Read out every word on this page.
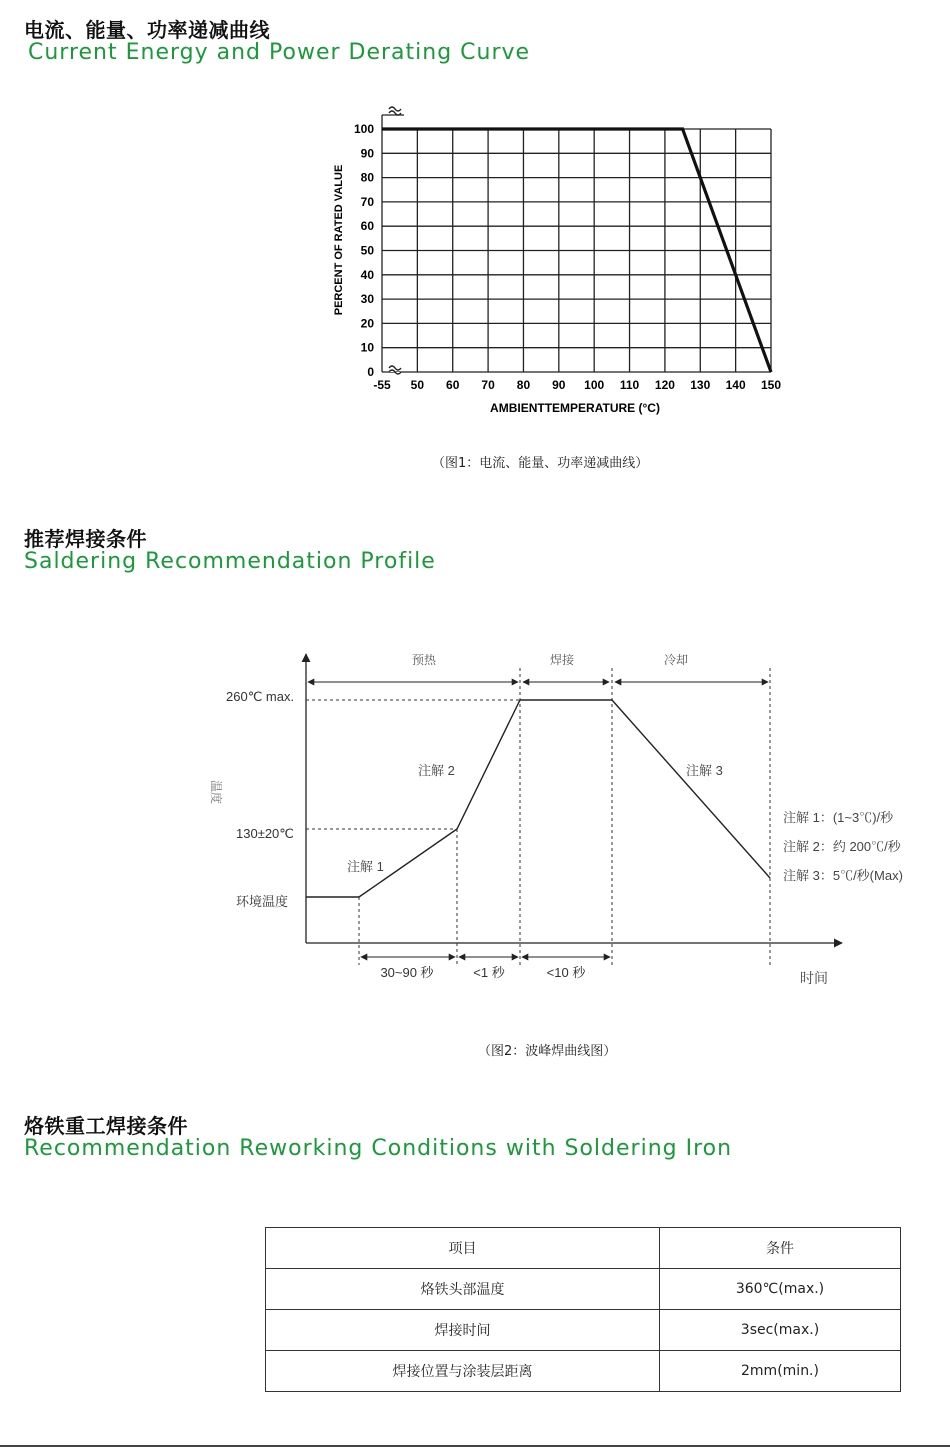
电流、能量、功率递减曲线
Current Energy and Power Derating Curve
-55 50 60 70 80 90 100 110 120 130 140 150
0
10
20
30
40
50
60
70
80
90
100
AMBIENTTEMPERATURE (°C)
PERCENT OF RATED VALUE
（图1：电流、能量、功率递减曲线）
推荐焊接条件
Saldering Recommendation Profile
预热	焊接	冷却
260℃ max.
130±20℃
环境温度
温度
时间
注解 1
注解 2	注解 3
30~90 秒	<1 秒	<10 秒
注解 1：(1~3℃)/秒
注解 2：约 200℃/秒
注解 3：5℃/秒(Max)
（图2：波峰焊曲线图）
烙铁重工焊接条件
Recommendation Reworking Conditions with Soldering Iron
项目	条件
烙铁头部温度	360℃(max.)
焊接时间	3sec(max.)
焊接位置与涂装层距离	2mm(min.)
